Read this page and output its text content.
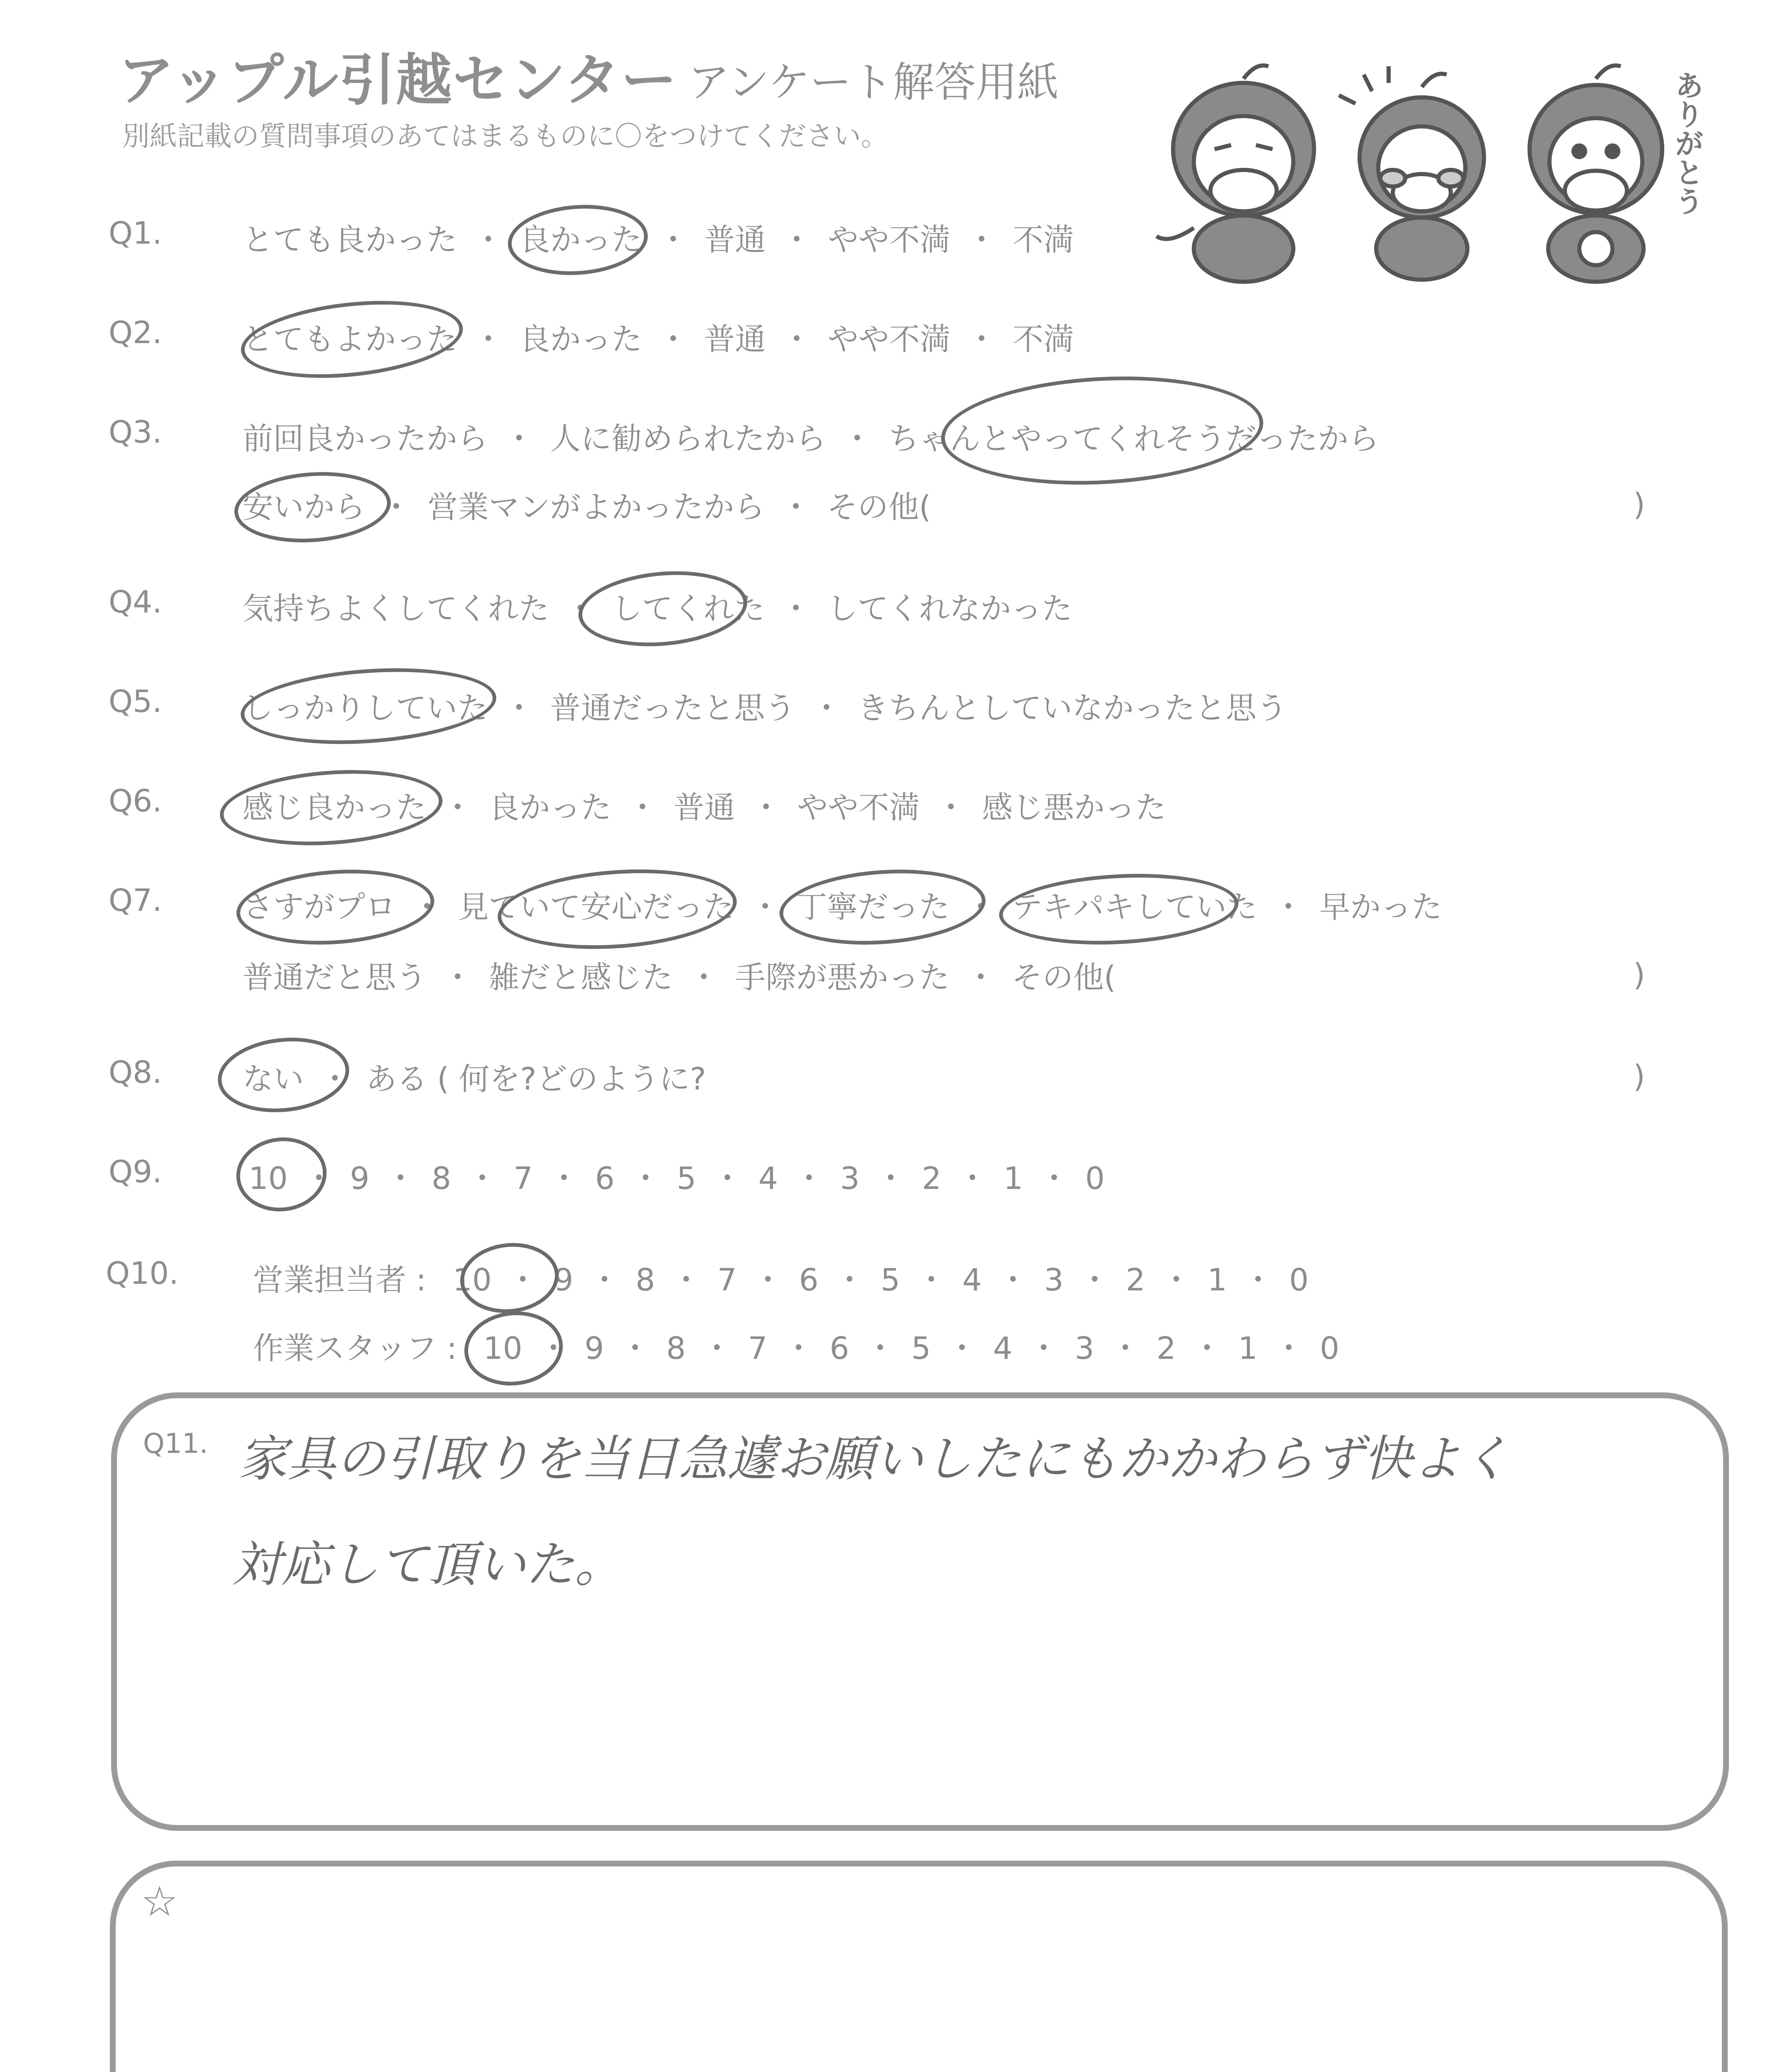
アップル引越センター アンケート解答用紙
別紙記載の質問事項のあてはまるものに〇をつけてください。	ありがとう
Q1.	とても良かった ・ 良かった ・ 普通 ・ やや不満 ・ 不満
Q2.	とてもよかった ・ 良かった ・ 普通 ・ やや不満 ・ 不満
Q3.	前回良かったから ・ 人に勧められたから ・ ちゃんとやってくれそうだったから
安いから ・ 営業マンがよかったから ・ その他(	)
Q4.	気持ちよくしてくれた ・ してくれた ・ してくれなかった
Q5.	しっかりしていた ・ 普通だったと思う ・ きちんとしていなかったと思う
Q6.	感じ良かった ・ 良かった ・ 普通 ・ やや不満 ・ 感じ悪かった
Q7.	さすがプロ ・ 見ていて安心だった ・ 丁寧だった ・ テキパキしていた ・ 早かった
普通だと思う ・ 雑だと感じた ・ 手際が悪かった ・ その他(	)
Q8.	ない ・ ある ( 何を?どのように?	)
Q9.	10 ・ 9 ・ 8 ・ 7 ・ 6 ・ 5 ・ 4 ・ 3 ・ 2 ・ 1 ・ 0
Q10. 営業担当者 : 10 ・ 9 ・ 8 ・ 7 ・ 6 ・ 5 ・ 4 ・ 3 ・ 2 ・ 1 ・ 0
作業スタッフ : 10 ・ 9 ・ 8 ・ 7 ・ 6 ・ 5 ・ 4 ・ 3 ・ 2 ・ 1 ・ 0
Q11. 家具の引取りを当日急遽お願いしたにもかかわらず快よく
対応して頂いた。
☆
